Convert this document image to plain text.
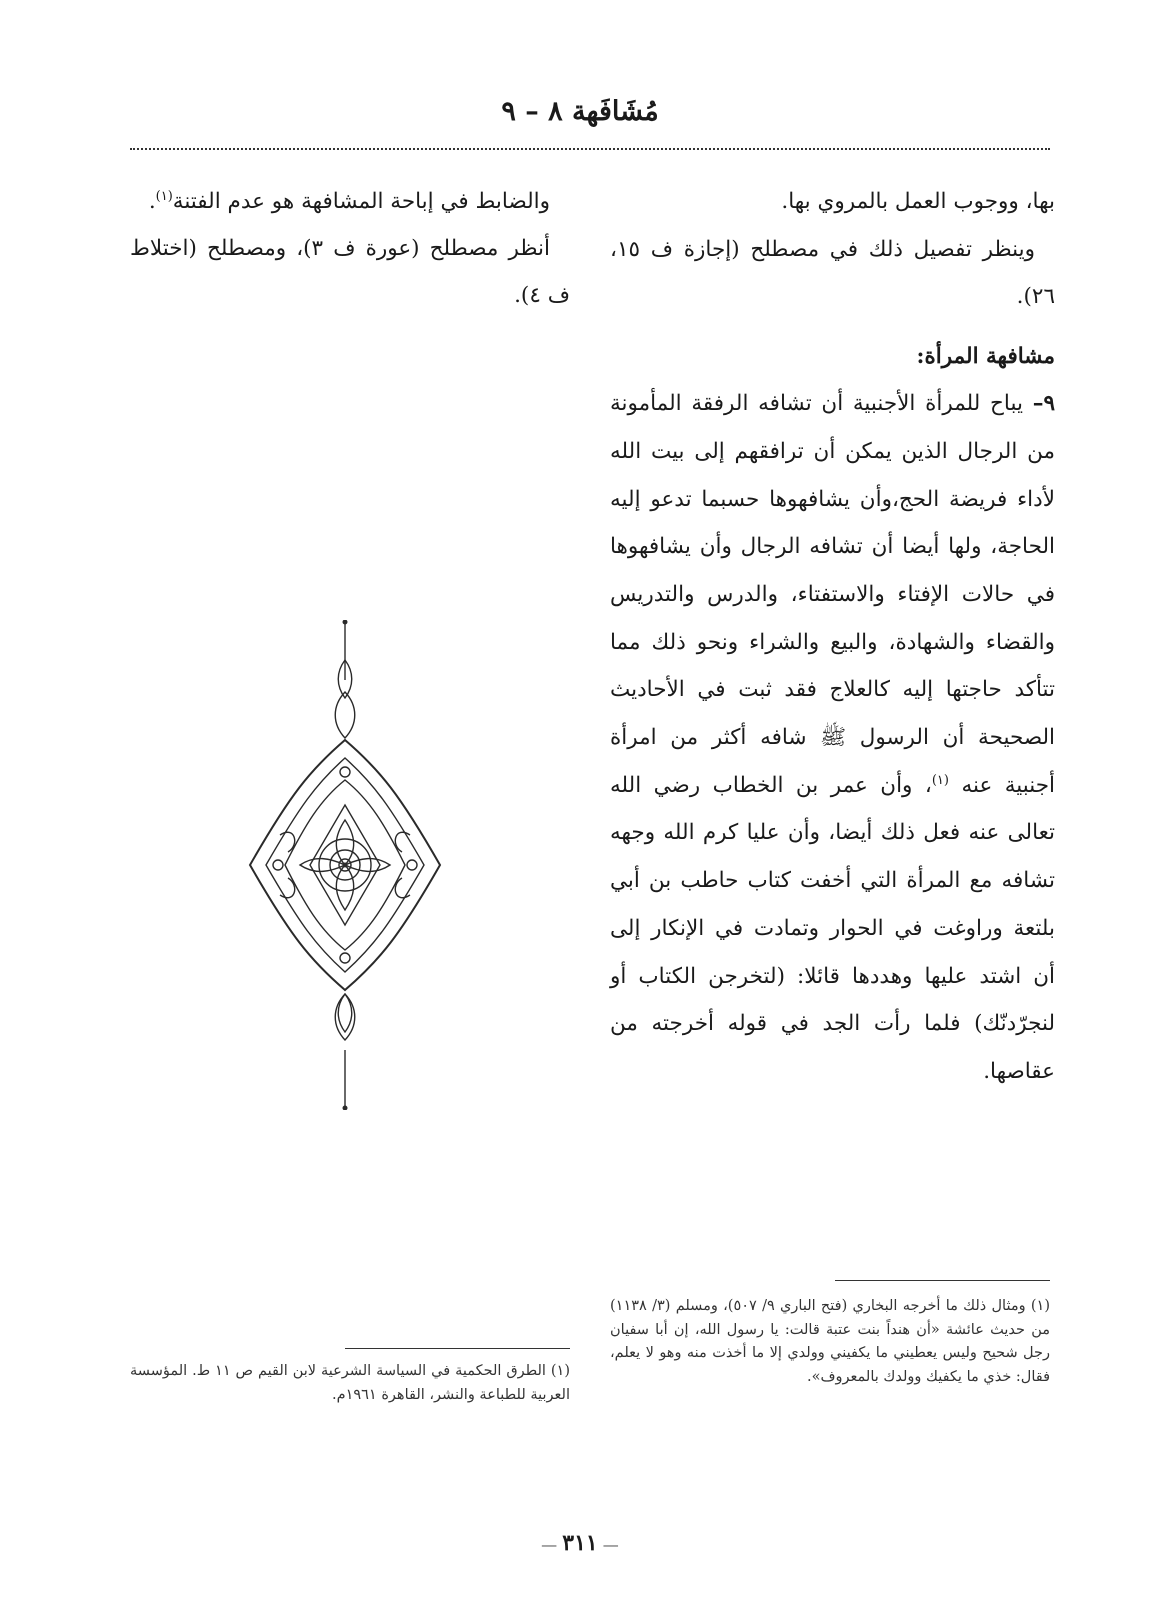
مُشَافَهة ٨ – ٩
بها، ووجوب العمل بالمروي بها.
وينظر تفصيل ذلك في مصطلح (إجازة ف ١٥، ٢٦).
مشافهة المرأة:

٩– يباح للمرأة الأجنبية أن تشافه الرفقة المأمونة من الرجال الذين يمكن أن ترافقهم إلى بيت الله لأداء فريضة الحج،وأن يشافهوها حسبما تدعو إليه الحاجة، ولها أيضا أن تشافه الرجال وأن يشافهوها في حالات الإفتاء والاستفتاء، والدرس والتدريس والقضاء والشهادة، والبيع والشراء ونحو ذلك مما تتأكد حاجتها إليه كالعلاج فقد ثبت في الأحاديث الصحيحة أن الرسول ﷺ شافه أكثر من امرأة أجنبية عنه $^{(١)}$، وأن عمر بن الخطاب رضي الله تعالى عنه فعل ذلك أيضا، وأن عليا كرم الله وجهه تشافه مع المرأة التي أخفت كتاب حاطب بن أبي بلتعة وراوغت في الحوار وتمادت في الإنكار إلى أن اشتد عليها وهددها قائلا: (لتخرجن الكتاب أو لنجرّدنّك) فلما رأت الجد في قوله أخرجته من عقاصها.

والضابط في إباحة المشافهة هو عدم الفتنة$^{(١)}$.

أنظر مصطلح (عورة ف ٣)، ومصطلح (اختلاط ف ٤).

(١) ومثال ذلك ما أخرجه البخاري (فتح الباري ٩/ ٥٠٧)، ومسلم (٣/ ١١٣٨) من حديث عائشة «أن هنداً بنت عتبة قالت: يا رسول الله، إن أبا سفيان رجل شحيح وليس يعطيني ما يكفيني وولدي إلا ما أخذت منه وهو لا يعلم، فقال: خذي ما يكفيك وولدك بالمعروف».

(١) الطرق الحكمية في السياسة الشرعية لابن القيم ص ١١ ط. المؤسسة العربية للطباعة والنشر، القاهرة ١٩٦١م.

— ٣١١ —
